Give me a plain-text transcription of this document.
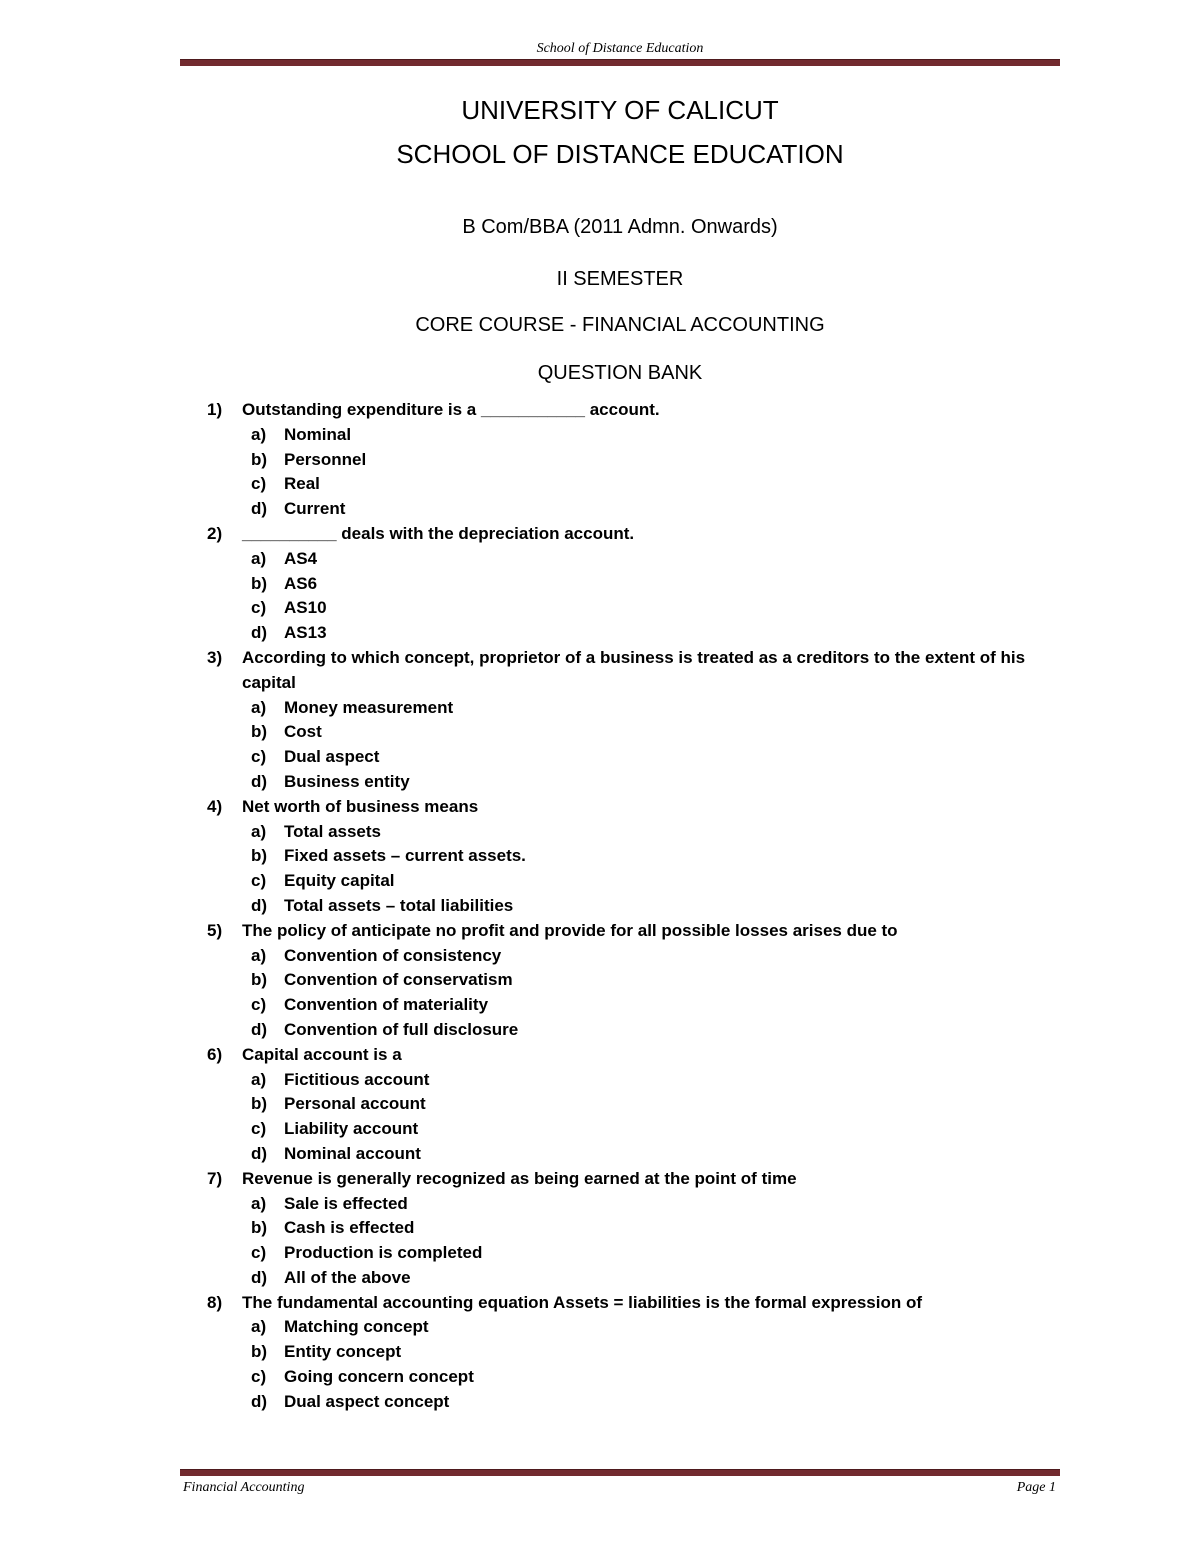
School of Distance Education
UNIVERSITY OF CALICUT
SCHOOL OF DISTANCE EDUCATION
B Com/BBA (2011 Admn. Onwards)
II SEMESTER
CORE COURSE - FINANCIAL ACCOUNTING
QUESTION BANK
1) Outstanding expenditure is a ___________ account.
a) Nominal
b) Personnel
c) Real
d) Current
2) __________ deals with the depreciation account.
a) AS4
b) AS6
c) AS10
d) AS13
3) According to which concept, proprietor of a business is treated as a creditors to the extent of his capital
a) Money measurement
b) Cost
c) Dual aspect
d) Business entity
4) Net worth of business means
a) Total assets
b) Fixed assets – current assets.
c) Equity capital
d) Total assets – total liabilities
5) The policy of anticipate no profit and provide for all possible losses arises due to
a) Convention of consistency
b) Convention of conservatism
c) Convention of materiality
d) Convention of full disclosure
6) Capital account is a
a) Fictitious account
b) Personal account
c) Liability account
d) Nominal account
7) Revenue is generally recognized as being earned at the point of time
a) Sale is effected
b) Cash is effected
c) Production is completed
d) All of the above
8) The fundamental accounting equation Assets = liabilities is the formal expression of
a) Matching concept
b) Entity concept
c) Going concern concept
d) Dual aspect concept
Financial Accounting	Page 1
